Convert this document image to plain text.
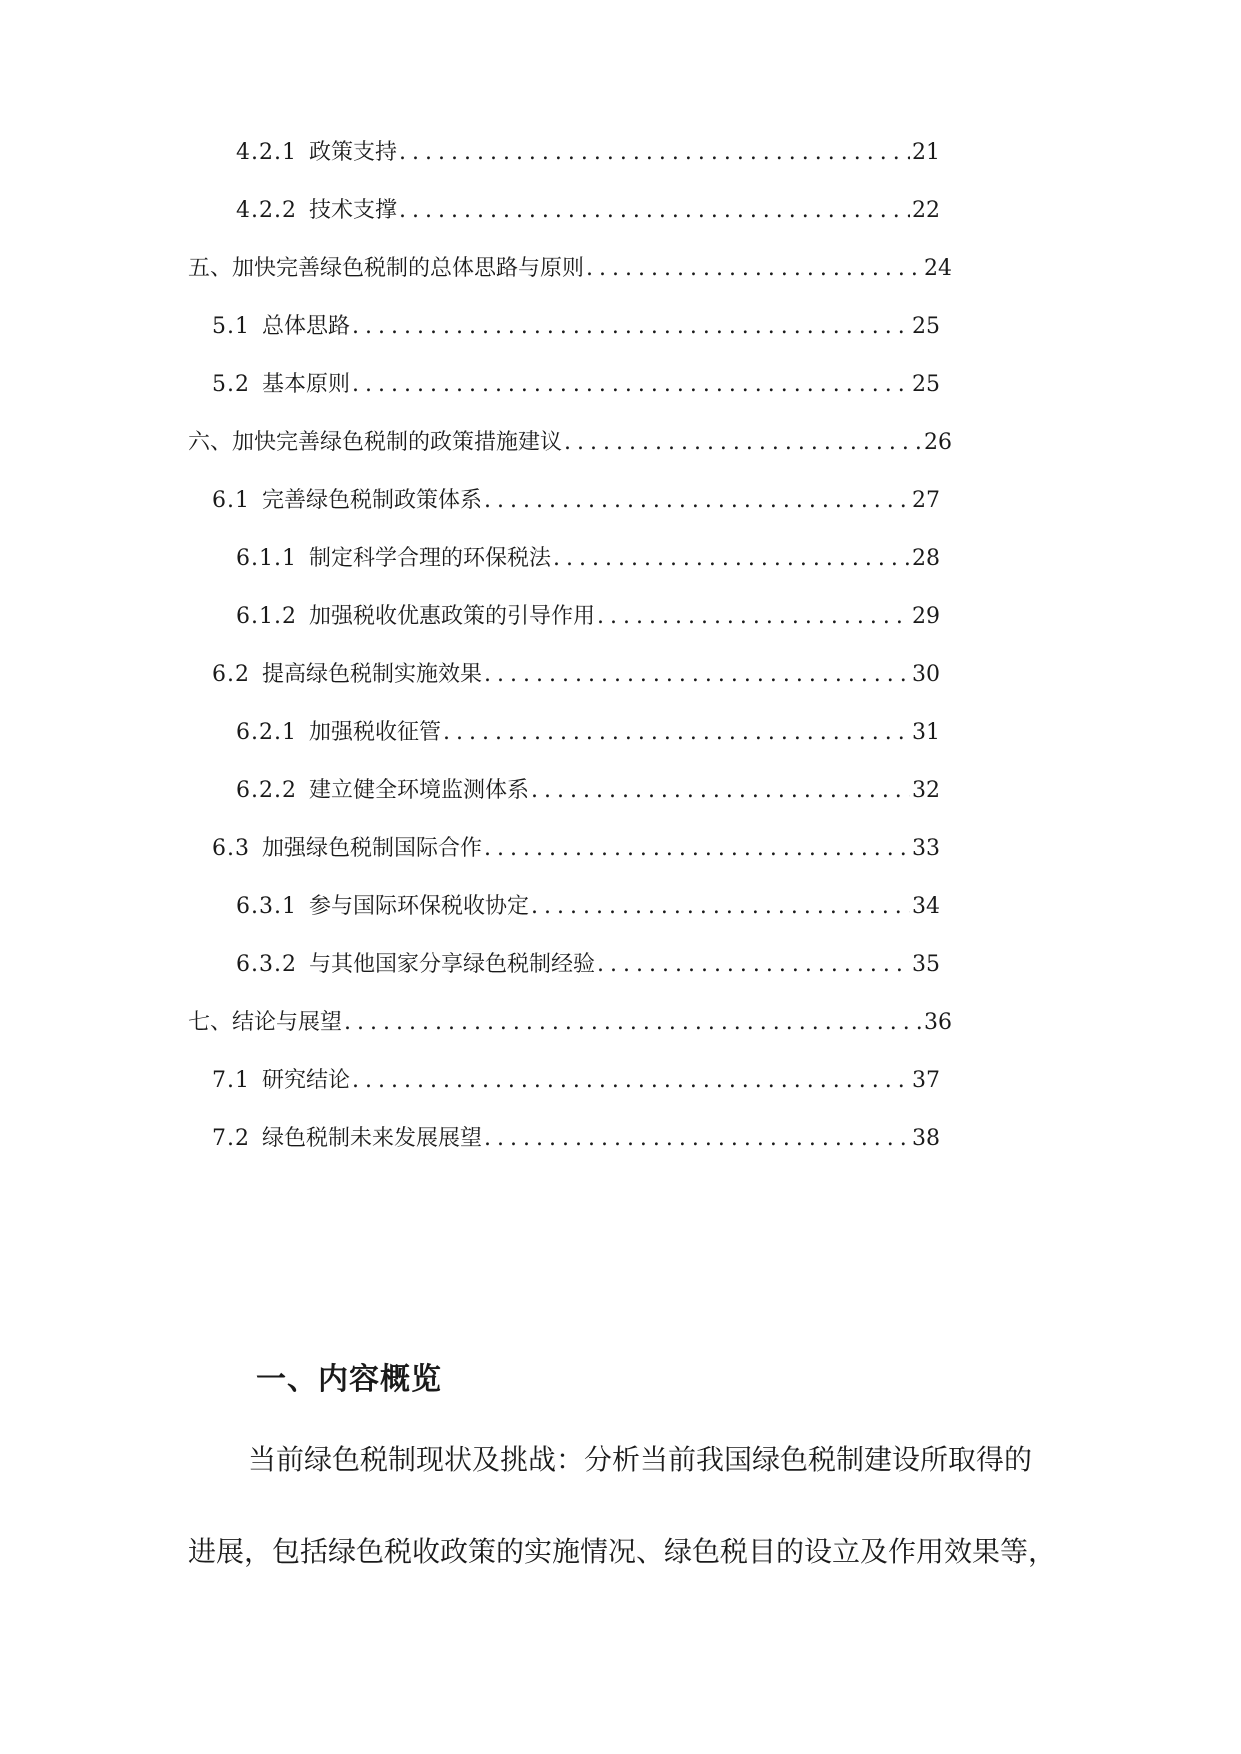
4.2.1 政策支持 .....	21
4.2.2 技术支撑 .....	22
五、加快完善绿色税制的总体思路与原则 .....	24
5.1 总体思路 .....	25
5.2 基本原则 .....	25
六、加快完善绿色税制的政策措施建议 .....	26
6.1 完善绿色税制政策体系 .....	27
6.1.1 制定科学合理的环保税法 .....	28
6.1.2 加强税收优惠政策的引导作用 .....	29
6.2 提高绿色税制实施效果 .....	30
6.2.1 加强税收征管 .....	31
6.2.2 建立健全环境监测体系 .....	32
6.3 加强绿色税制国际合作 .....	33
6.3.1 参与国际环保税收协定 .....	34
6.3.2 与其他国家分享绿色税制经验 .....	35
七、结论与展望 .....	36
7.1 研究结论 .....	37
7.2 绿色税制未来发展展望 .....	38
一、内容概览
当前绿色税制现状及挑战：分析当前我国绿色税制建设所取得的
进展，包括绿色税收政策的实施情况、绿色税目的设立及作用效果等，
